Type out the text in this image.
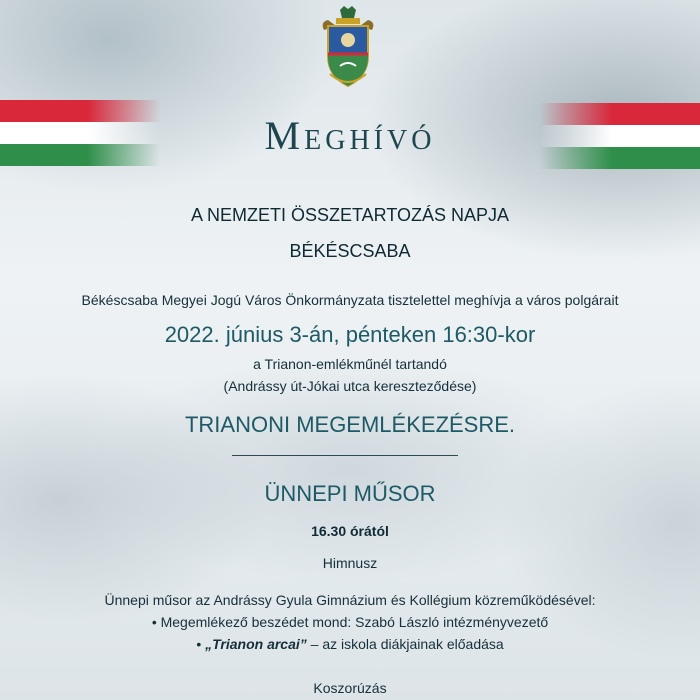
Meghívó
A NEMZETI ÖSSZETARTOZÁS NAPJA
BÉKÉSCSABA
Békéscsaba Megyei Jogú Város Önkormányzata tisztelettel meghívja a város polgárait
2022. június 3-án, pénteken 16:30-kor
a Trianon-emlékműnél tartandó
(Andrássy út-Jókai utca kereszteződése)
TRIANONI MEGEMLÉKEZÉSRE.
ÜNNEPI MŰSOR
16.30 órától
Himnusz
Ünnepi műsor az Andrássy Gyula Gimnázium és Kollégium közreműködésével:
• Megemlékező beszédet mond: Szabó László intézményvezető
• „Trianon arcai” – az iskola diákjainak előadása
Koszorúzás
